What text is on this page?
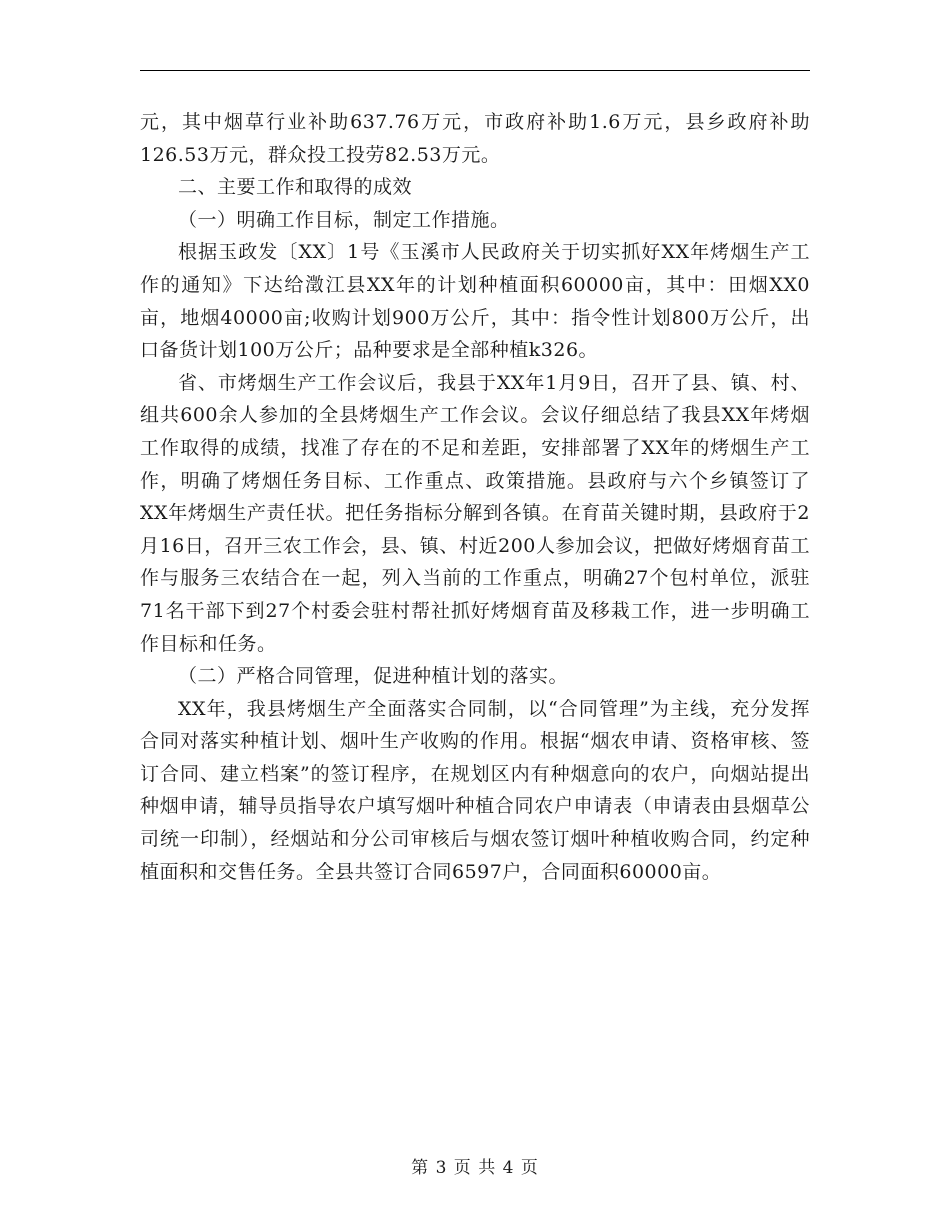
元，其中烟草行业补助637.76万元，市政府补助1.6万元，县乡政府补助126.53万元，群众投工投劳82.53万元。

二、主要工作和取得的成效

（一）明确工作目标，制定工作措施。

根据玉政发〔XX〕1号《玉溪市人民政府关于切实抓好XX年烤烟生产工作的通知》下达给澂江县XX年的计划种植面积60000亩，其中：田烟XX0亩，地烟40000亩;收购计划900万公斤，其中：指令性计划800万公斤，出口备货计划100万公斤；品种要求是全部种植k326。

省、市烤烟生产工作会议后，我县于XX年1月9日，召开了县、镇、村、组共600余人参加的全县烤烟生产工作会议。会议仔细总结了我县XX年烤烟工作取得的成绩，找准了存在的不足和差距，安排部署了XX年的烤烟生产工作，明确了烤烟任务目标、工作重点、政策措施。县政府与六个乡镇签订了XX年烤烟生产责任状。把任务指标分解到各镇。在育苗关键时期，县政府于2月16日，召开三农工作会，县、镇、村近200人参加会议，把做好烤烟育苗工作与服务三农结合在一起，列入当前的工作重点，明确27个包村单位，派驻71名干部下到27个村委会驻村帮社抓好烤烟育苗及移栽工作，进一步明确工作目标和任务。

（二）严格合同管理，促进种植计划的落实。

XX年，我县烤烟生产全面落实合同制，以“合同管理”为主线，充分发挥合同对落实种植计划、烟叶生产收购的作用。根据“烟农申请、资格审核、签订合同、建立档案”的签订程序，在规划区内有种烟意向的农户，向烟站提出种烟申请，辅导员指导农户填写烟叶种植合同农户申请表（申请表由县烟草公司统一印制），经烟站和分公司审核后与烟农签订烟叶种植收购合同，约定种植面积和交售任务。全县共签订合同6597户，合同面积60000亩。

第 3 页 共 4 页
